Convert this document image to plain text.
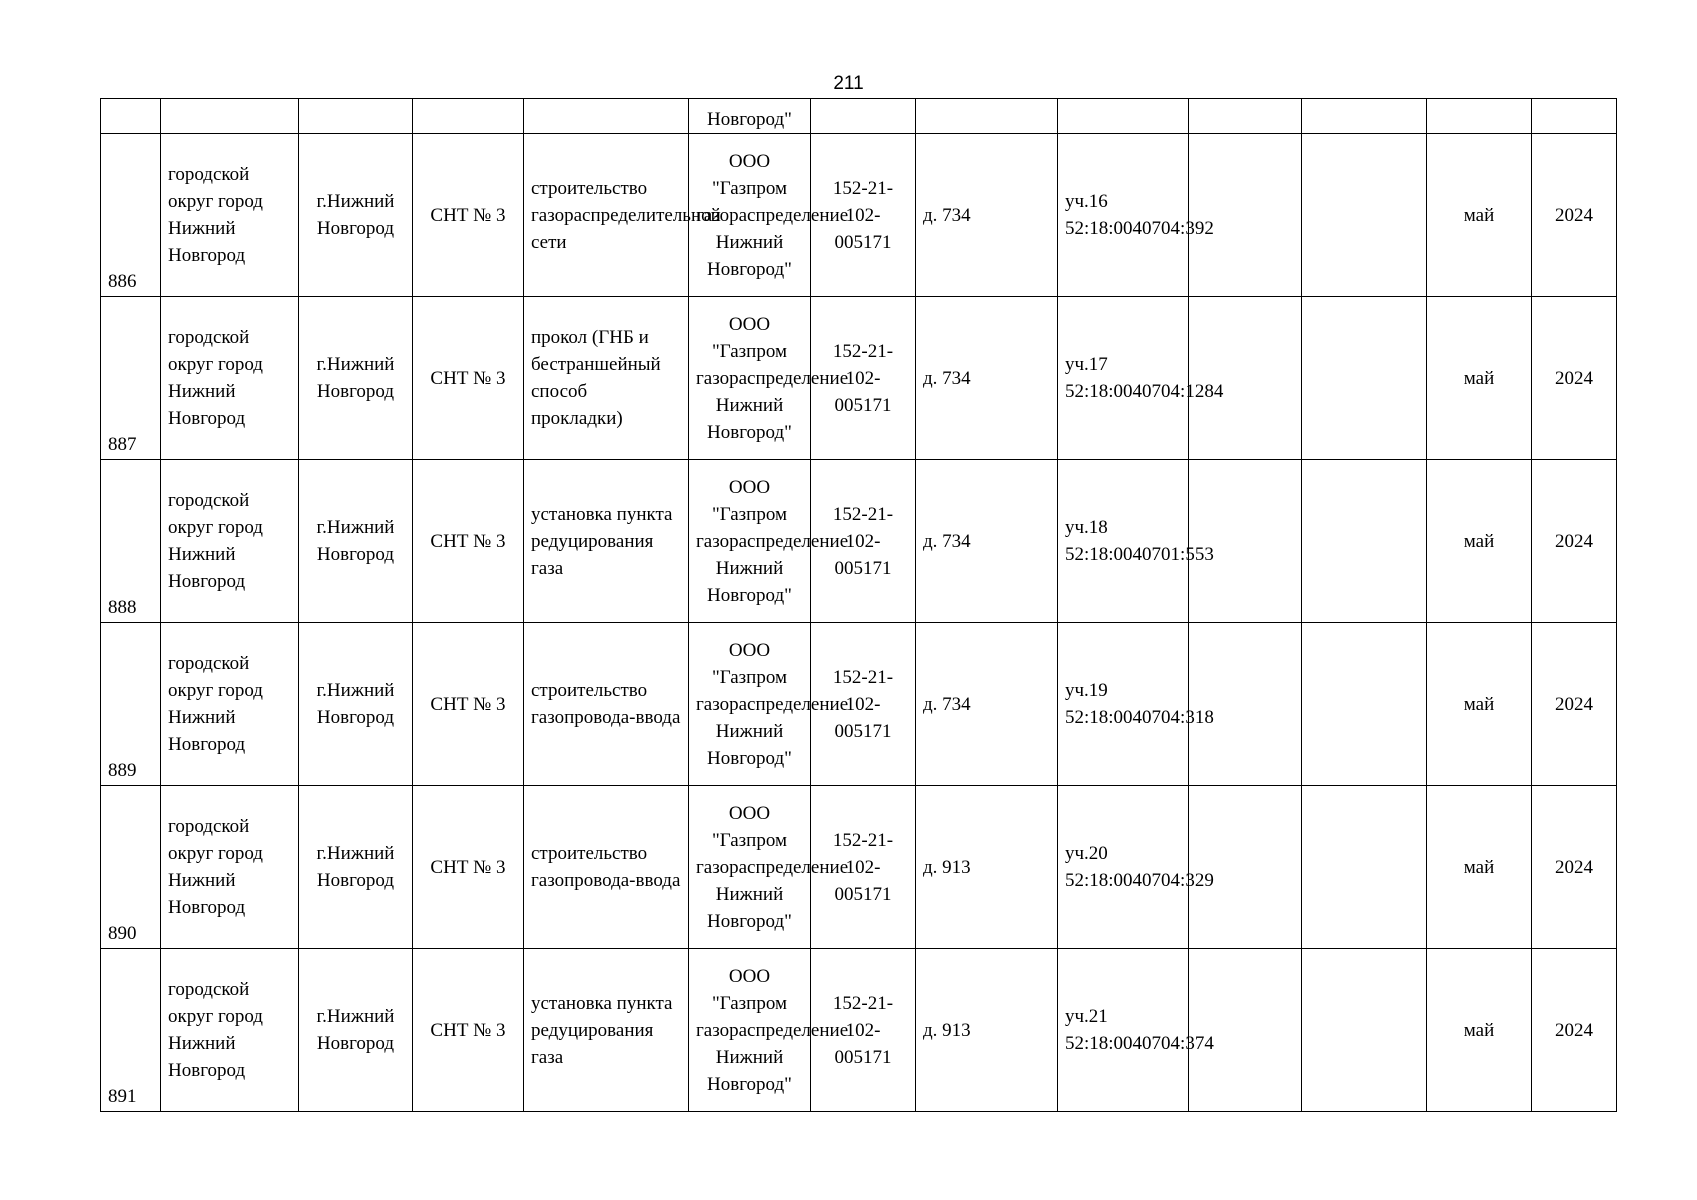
211
					Новгород"							
886	городской округ город Нижний Новгород	г.Нижний Новгород	СНТ № 3	строительство газораспределительной сети	ООО "Газпром газораспределение Нижний Новгород"	152-21-102-005171	д. 734	уч.16 52:18:0040704:392			май	2024
887	городской округ город Нижний Новгород	г.Нижний Новгород	СНТ № 3	прокол (ГНБ и бестраншейный способ прокладки)	ООО "Газпром газораспределение Нижний Новгород"	152-21-102-005171	д. 734	уч.17 52:18:0040704:1284			май	2024
888	городской округ город Нижний Новгород	г.Нижний Новгород	СНТ № 3	установка пункта редуцирования газа	ООО "Газпром газораспределение Нижний Новгород"	152-21-102-005171	д. 734	уч.18 52:18:0040701:553			май	2024
889	городской округ город Нижний Новгород	г.Нижний Новгород	СНТ № 3	строительство газопровода-ввода	ООО "Газпром газораспределение Нижний Новгород"	152-21-102-005171	д. 734	уч.19 52:18:0040704:318			май	2024
890	городской округ город Нижний Новгород	г.Нижний Новгород	СНТ № 3	строительство газопровода-ввода	ООО "Газпром газораспределение Нижний Новгород"	152-21-102-005171	д. 913	уч.20 52:18:0040704:329			май	2024
891	городской округ город Нижний Новгород	г.Нижний Новгород	СНТ № 3	установка пункта редуцирования газа	ООО "Газпром газораспределение Нижний Новгород"	152-21-102-005171	д. 913	уч.21 52:18:0040704:374			май	2024
